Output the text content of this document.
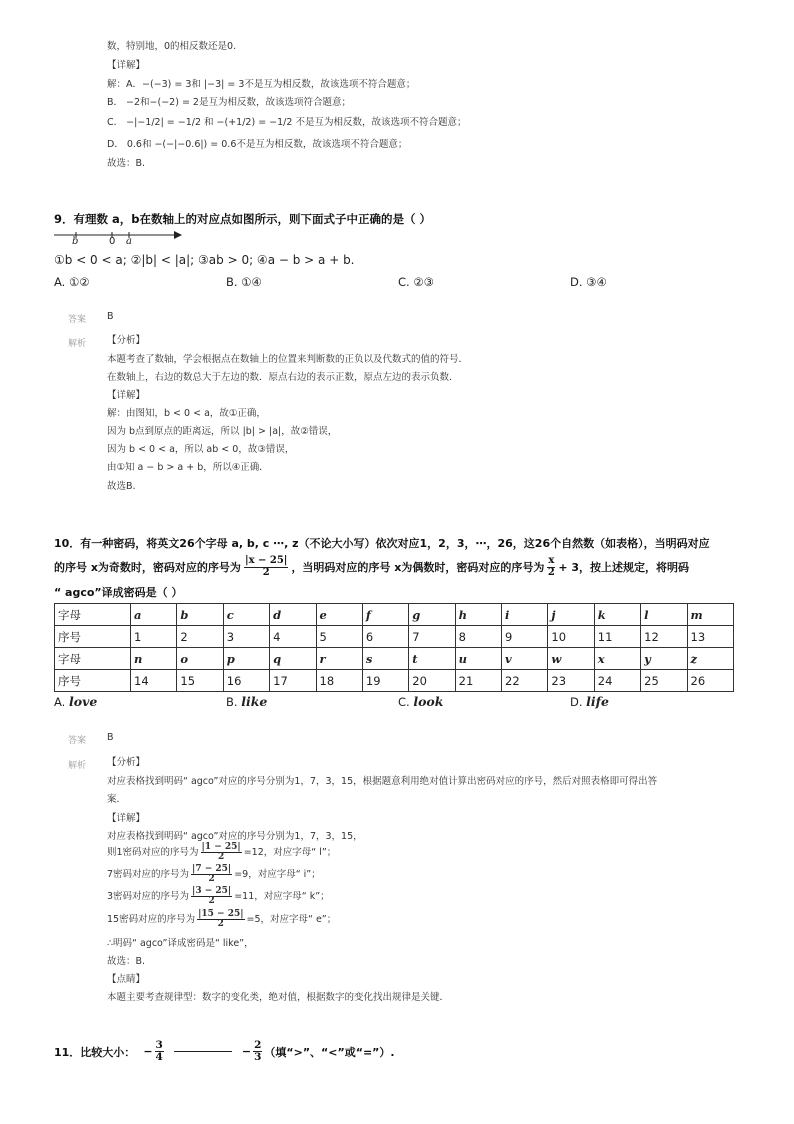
数，特别地，0的相反数还是0.
【详解】
解：A．−(−3) = 3和 |−3| = 3不是互为相反数，故该选项不符合题意；
B． −2和−(−2) = 2是互为相反数，故该选项符合题意；
C． −|−1/2| = −1/2 和 −(+1/2) = −1/2 不是互为相反数，故该选项不符合题意；
D． 0.6和 −(−|−0.6|) = 0.6不是互为相反数，故该选项不符合题意；
故选：B.
9．有理数 a，b在数轴上的对应点如图所示，则下面式子中正确的是（ ）
b	0 a
①b < 0 < a; ②|b| < |a|; ③ab > 0; ④a − b > a + b.
A. ①②	B. ①④	C. ②③	D. ③④
答案 B
解析 【分析】
本题考查了数轴，学会根据点在数轴上的位置来判断数的正负以及代数式的值的符号．
在数轴上，右边的数总大于左边的数．原点右边的表示正数，原点左边的表示负数．
【详解】
解：由图知，b < 0 < a，故①正确，
因为 b点到原点的距离远，所以 |b| > |a|，故②错误，
因为 b < 0 < a，所以 ab < 0，故③错误，
由①知 a − b > a + b，所以④正确．
故选B.
10．有一种密码，将英文26个字母 a, b, c ⋯, z（不论大小写）依次对应1，2，3，⋯，26，这26个自然数（如表格），当明码对应
的序号 x为奇数时，密码对应的序号为 $\frac{|x - 25|}{2}$ ，当明码对应的序号 x为偶数时，密码对应的序号为 $\frac{x}{2} + 3$，按上述规定，将明码
“ agco”译成密码是（ ）
字母	a	b	c	d	e	f	g	h	i	j	k	l	m
序号	1	2	3	4	5	6	7	8	9	10	11	12	13
字母	n	o	p	q	r	s	t	u	v	w	x	y	z
序号	14	15	16	17	18	19	20	21	22	23	24	25	26
A. love	B. like	C. look	D. life
答案 B
解析 【分析】
对应表格找到明码“ agco”对应的序号分别为1，7，3，15，根据题意利用绝对值计算出密码对应的序号，然后对照表格即可得出答
案．
【详解】
对应表格找到明码“ agco”对应的序号分别为1，7，3，15，
则1密码对应的序号为 $\frac{|1 - 25|}{2} =12$，对应字母“ l”；
7密码对应的序号为 $\frac{|7 - 25|}{2} =9$，对应字母“ i”；
3密码对应的序号为 $\frac{|3 - 25|}{2} =11$，对应字母“ k”；
15密码对应的序号为 $\frac{|15 - 25|}{2} =5$，对应字母“ e”；
∴明码“ agco”译成密码是“ like”，
故选：B.
【点睛】
本题主要考查规律型：数字的变化类，绝对值，根据数字的变化找出规律是关键．
11．比较大小： − $\frac{3}{4}$	− $\frac{2}{3}$ （填“>”、“<”或“=”）.
